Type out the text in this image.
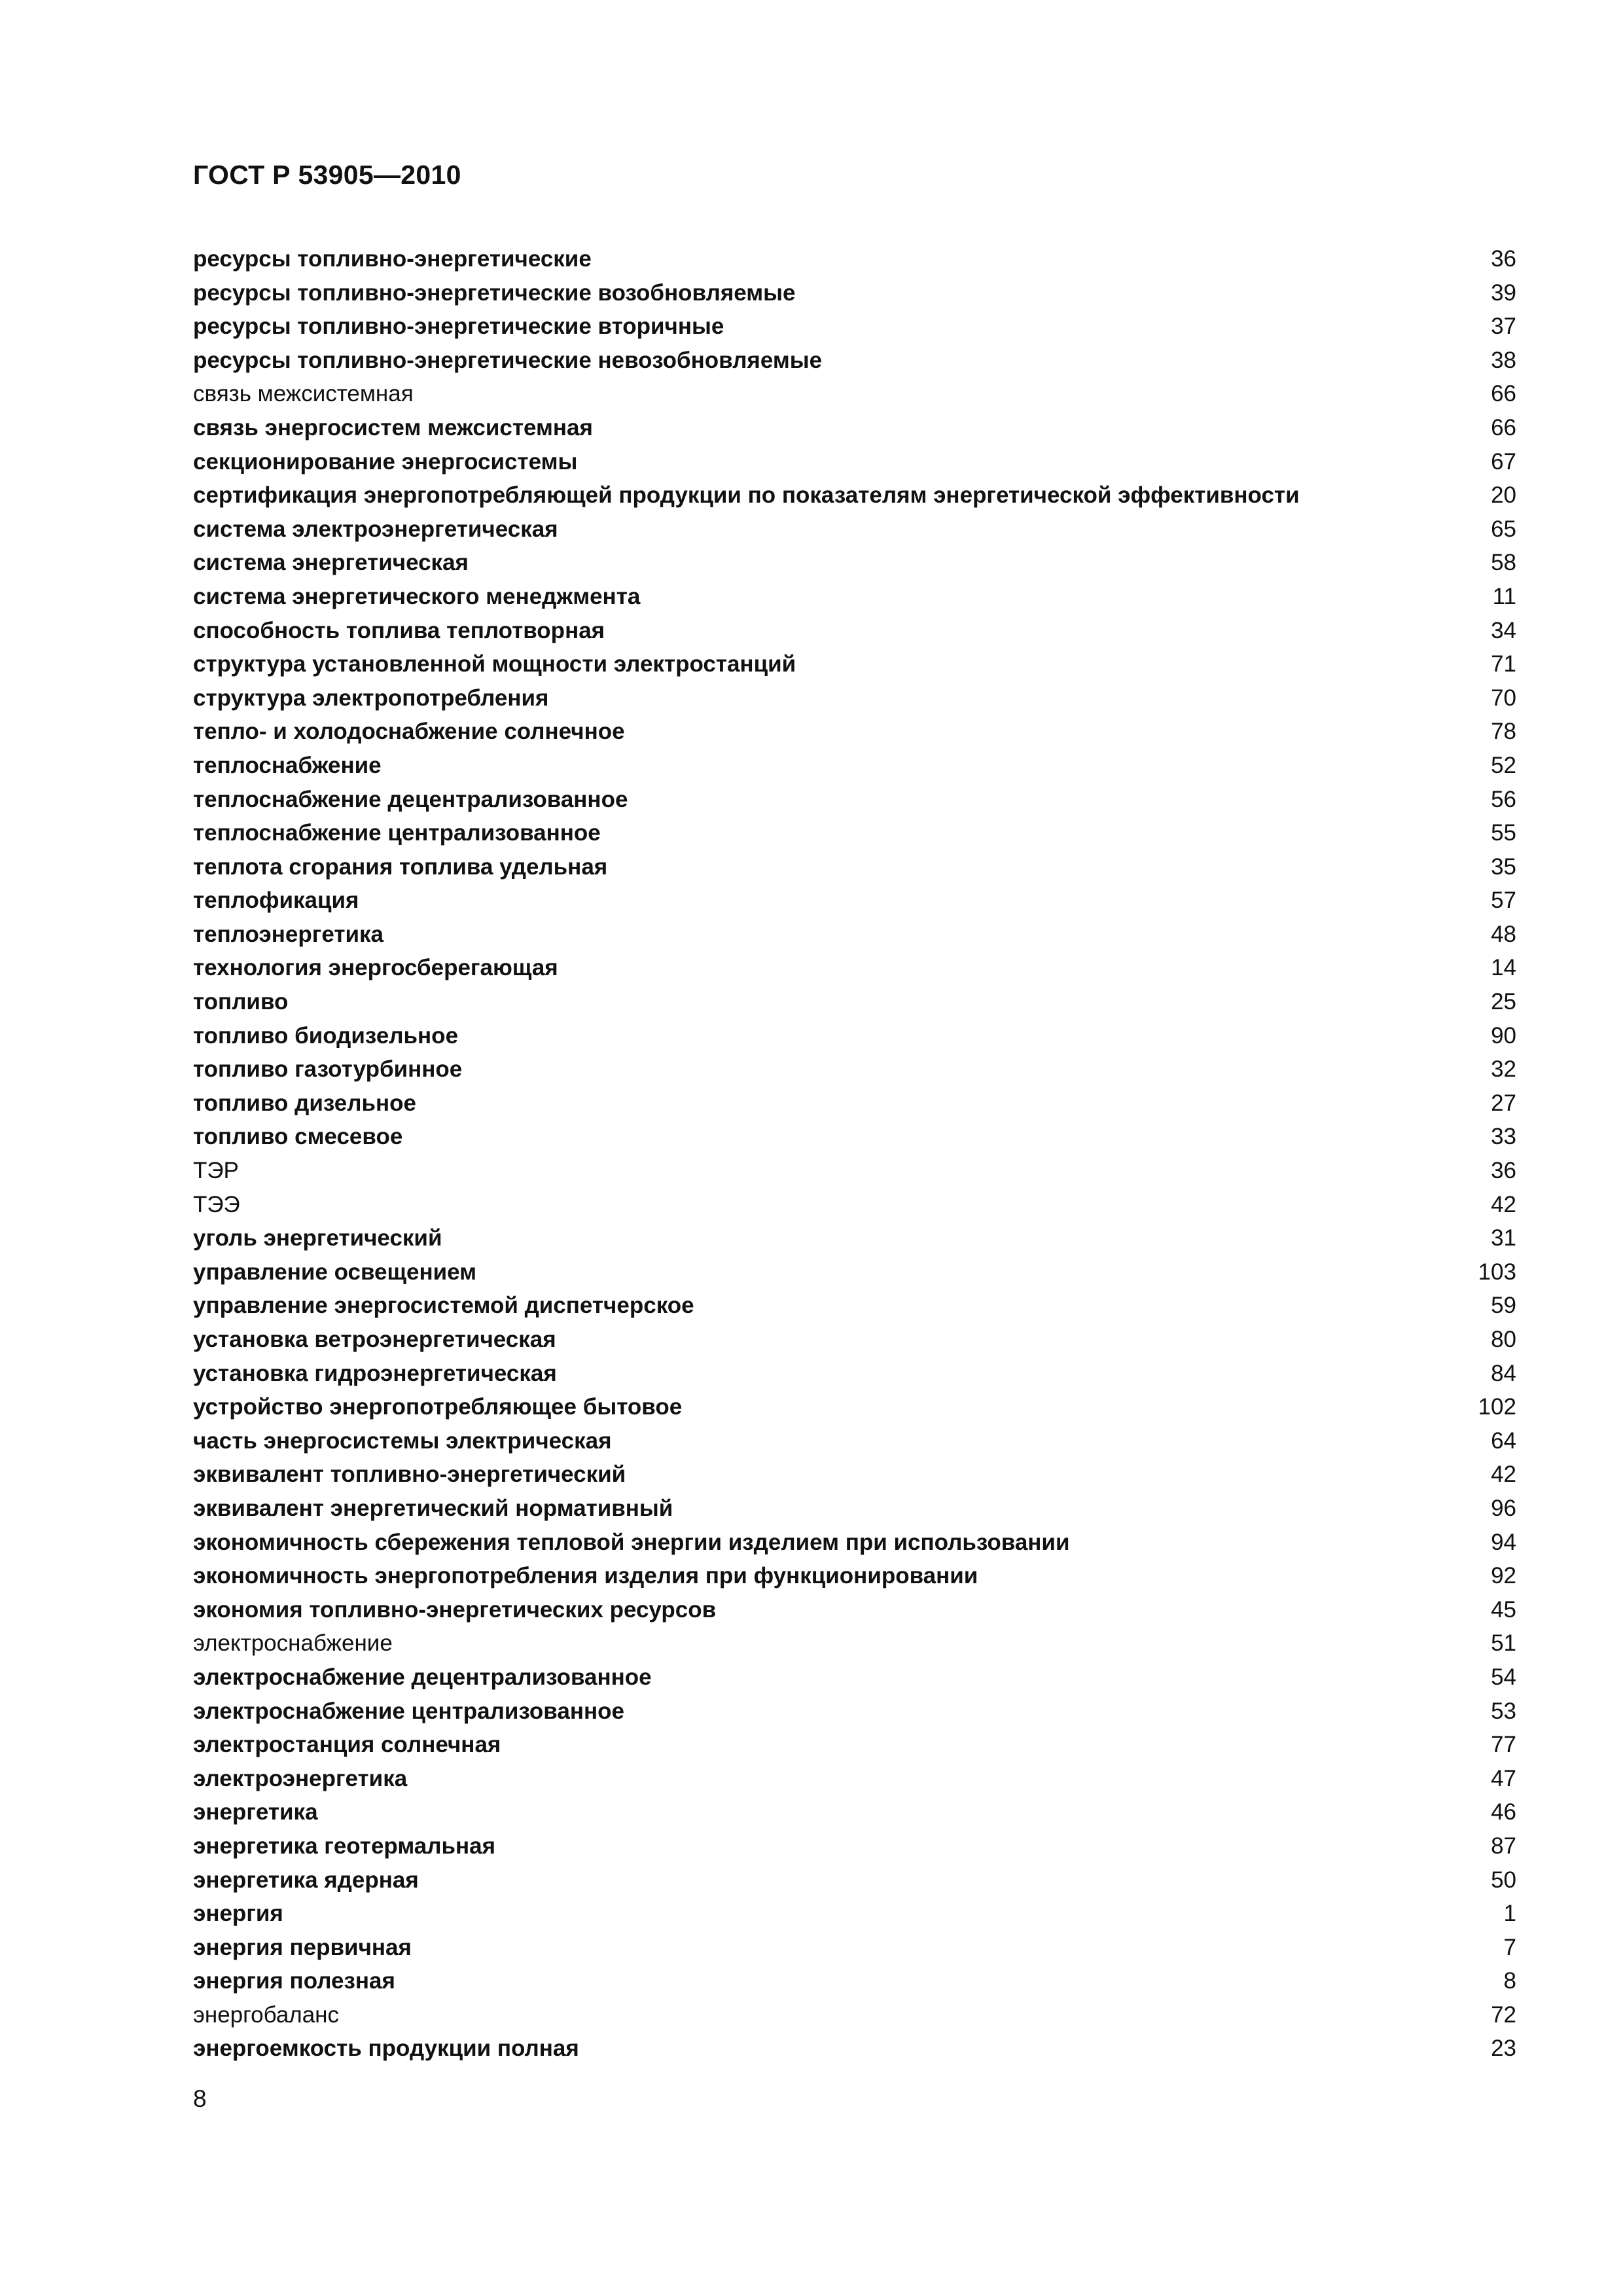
ГОСТ Р 53905—2010
ресурсы топливно-энергетические	36
ресурсы топливно-энергетические возобновляемые	39
ресурсы топливно-энергетические вторичные	37
ресурсы топливно-энергетические невозобновляемые	38
связь межсистемная	66
связь энергосистем межсистемная	66
секционирование энергосистемы	67
сертификация энергопотребляющей продукции по показателям энергетической эффективности	20
система электроэнергетическая	65
система энергетическая	58
система энергетического менеджмента	11
способность топлива теплотворная	34
структура установленной мощности электростанций	71
структура электропотребления	70
тепло- и холодоснабжение солнечное	78
теплоснабжение	52
теплоснабжение децентрализованное	56
теплоснабжение централизованное	55
теплота сгорания топлива удельная	35
теплофикация	57
теплоэнергетика	48
технология энергосберегающая	14
топливо	25
топливо биодизельное	90
топливо газотурбинное	32
топливо дизельное	27
топливо смесевое	33
ТЭР	36
ТЭЭ	42
уголь энергетический	31
управление освещением	103
управление энергосистемой диспетчерское	59
установка ветроэнергетическая	80
установка гидроэнергетическая	84
устройство энергопотребляющее бытовое	102
часть энергосистемы электрическая	64
эквивалент топливно-энергетический	42
эквивалент энергетический нормативный	96
экономичность сбережения тепловой энергии изделием при использовании	94
экономичность энергопотребления изделия при функционировании	92
экономия топливно-энергетических ресурсов	45
электроснабжение	51
электроснабжение децентрализованное	54
электроснабжение централизованное	53
электростанция солнечная	77
электроэнергетика	47
энергетика	46
энергетика геотермальная	87
энергетика ядерная	50
энергия	1
энергия первичная	7
энергия полезная	8
энергобаланс	72
энергоемкость продукции полная	23
8
